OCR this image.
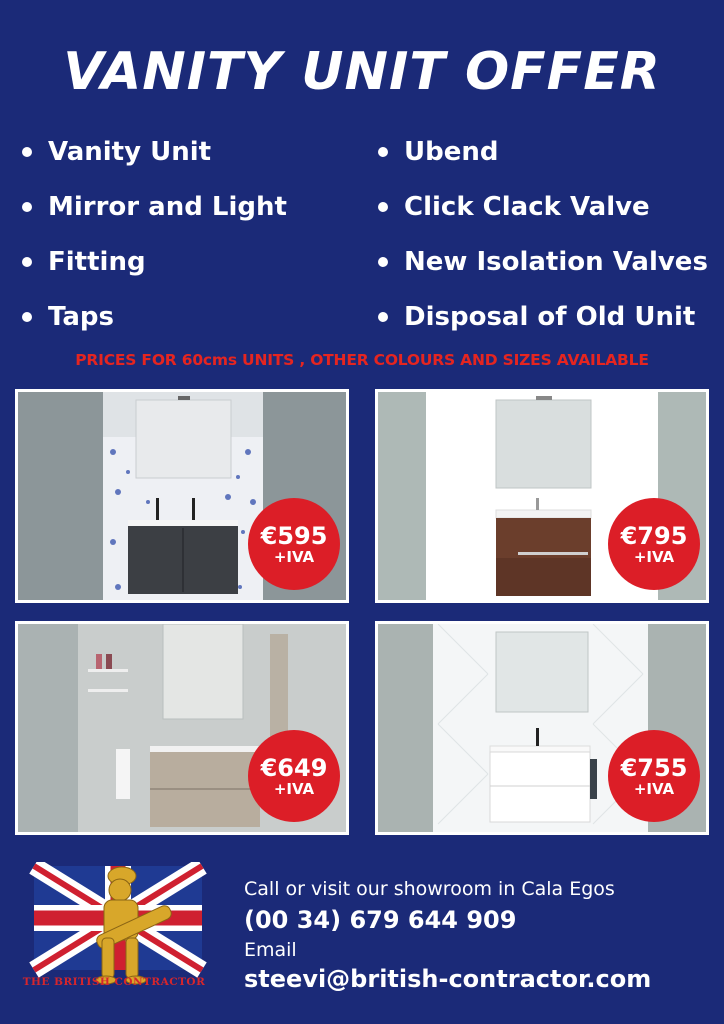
VANITY UNIT OFFER
Vanity Unit
Mirror and Light
Fitting
Taps
Ubend
Click Clack Valve
New Isolation Valves
Disposal of Old Unit
PRICES FOR 60cms UNITS , OTHER COLOURS AND SIZES AVAILABLE
€595
+IVA
€795
+IVA
€649
+IVA
€755
+IVA
THE BRITISH CONTRACTOR
Call or visit our showroom in Cala Egos
(00 34) 679 644 909
Email
steevi@british-contractor.com
